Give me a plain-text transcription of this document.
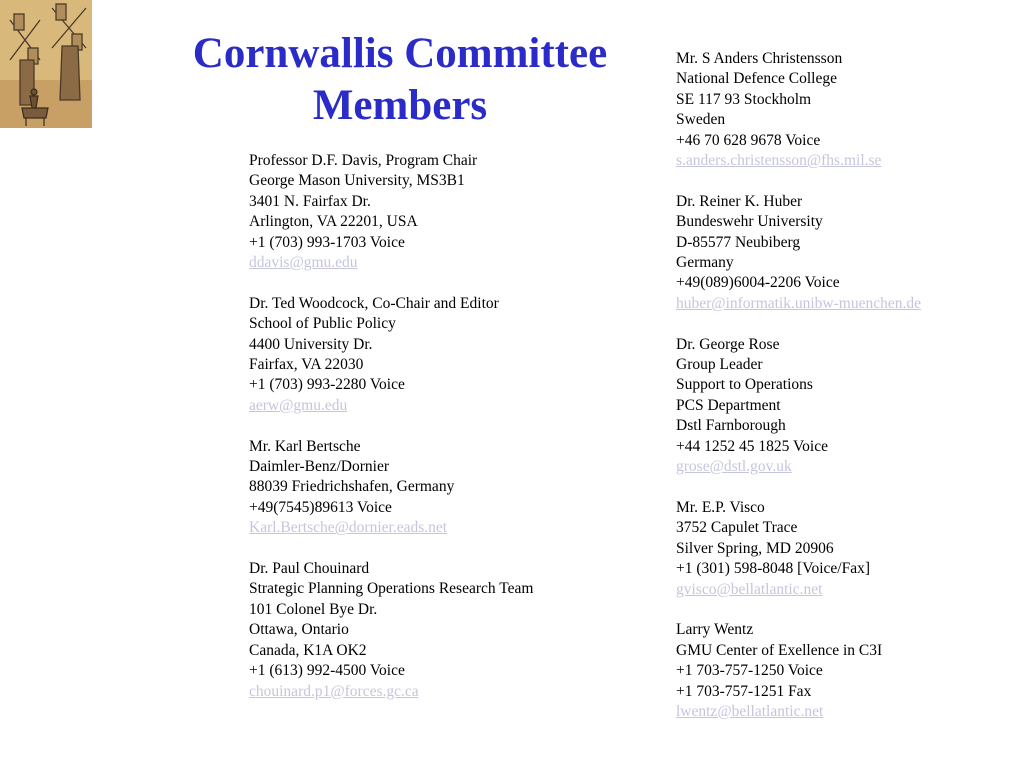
Cornwallis Committee
Members
Professor D.F. Davis, Program Chair
George Mason University, MS3B1
3401 N. Fairfax Dr.
Arlington, VA 22201, USA
+1 (703) 993-1703 Voice
ddavis@gmu.edu
Dr. Ted Woodcock, Co-Chair and Editor
School of Public Policy
4400 University Dr.
Fairfax, VA 22030
+1 (703) 993-2280 Voice
aerw@gmu.edu
Mr. Karl Bertsche
Daimler-Benz/Dornier
88039 Friedrichshafen, Germany
+49(7545)89613 Voice
Karl.Bertsche@dornier.eads.net
Dr. Paul Chouinard
Strategic Planning Operations Research Team
101 Colonel Bye Dr.
Ottawa, Ontario
Canada, K1A OK2
+1 (613) 992-4500 Voice
chouinard.p1@forces.gc.ca
Mr. S Anders Christensson
National Defence College
SE 117 93 Stockholm
Sweden
+46 70 628 9678 Voice
s.anders.christensson@fhs.mil.se
Dr. Reiner K. Huber
Bundeswehr University
D-85577 Neubiberg
Germany
+49(089)6004-2206 Voice
huber@informatik.unibw-muenchen.de
Dr. George Rose
Group Leader
Support to Operations
PCS Department
Dstl Farnborough
+44 1252 45 1825 Voice
grose@dstl.gov.uk
Mr. E.P. Visco
3752 Capulet Trace
Silver Spring, MD 20906
+1 (301) 598-8048 [Voice/Fax]
gvisco@bellatlantic.net
Larry Wentz
GMU Center of Exellence in C3I
+1 703-757-1250 Voice
+1 703-757-1251 Fax
lwentz@bellatlantic.net
